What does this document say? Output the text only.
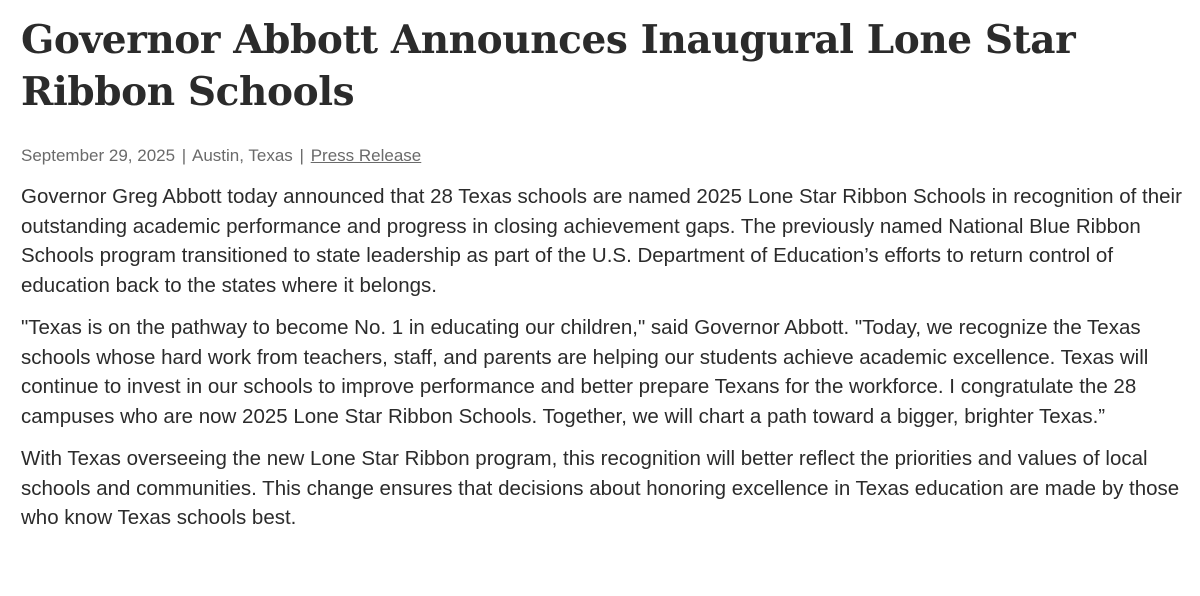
Governor Abbott Announces Inaugural Lone Star Ribbon Schools
September 29, 2025 | Austin, Texas | Press Release

Governor Greg Abbott today announced that 28 Texas schools are named 2025 Lone Star Ribbon Schools in recognition of their outstanding academic performance and progress in closing achievement gaps. The previously named National Blue Ribbon Schools program transitioned to state leadership as part of the U.S. Department of Education’s efforts to return control of education back to the states where it belongs.

"Texas is on the pathway to become No. 1 in educating our children," said Governor Abbott. "Today, we recognize the Texas schools whose hard work from teachers, staff, and parents are helping our students achieve academic excellence. Texas will continue to invest in our schools to improve performance and better prepare Texans for the workforce. I congratulate the 28 campuses who are now 2025 Lone Star Ribbon Schools. Together, we will chart a path toward a bigger, brighter Texas.”

With Texas overseeing the new Lone Star Ribbon program, this recognition will better reflect the priorities and values of local schools and communities. This change ensures that decisions about honoring excellence in Texas education are made by those who know Texas schools best.
